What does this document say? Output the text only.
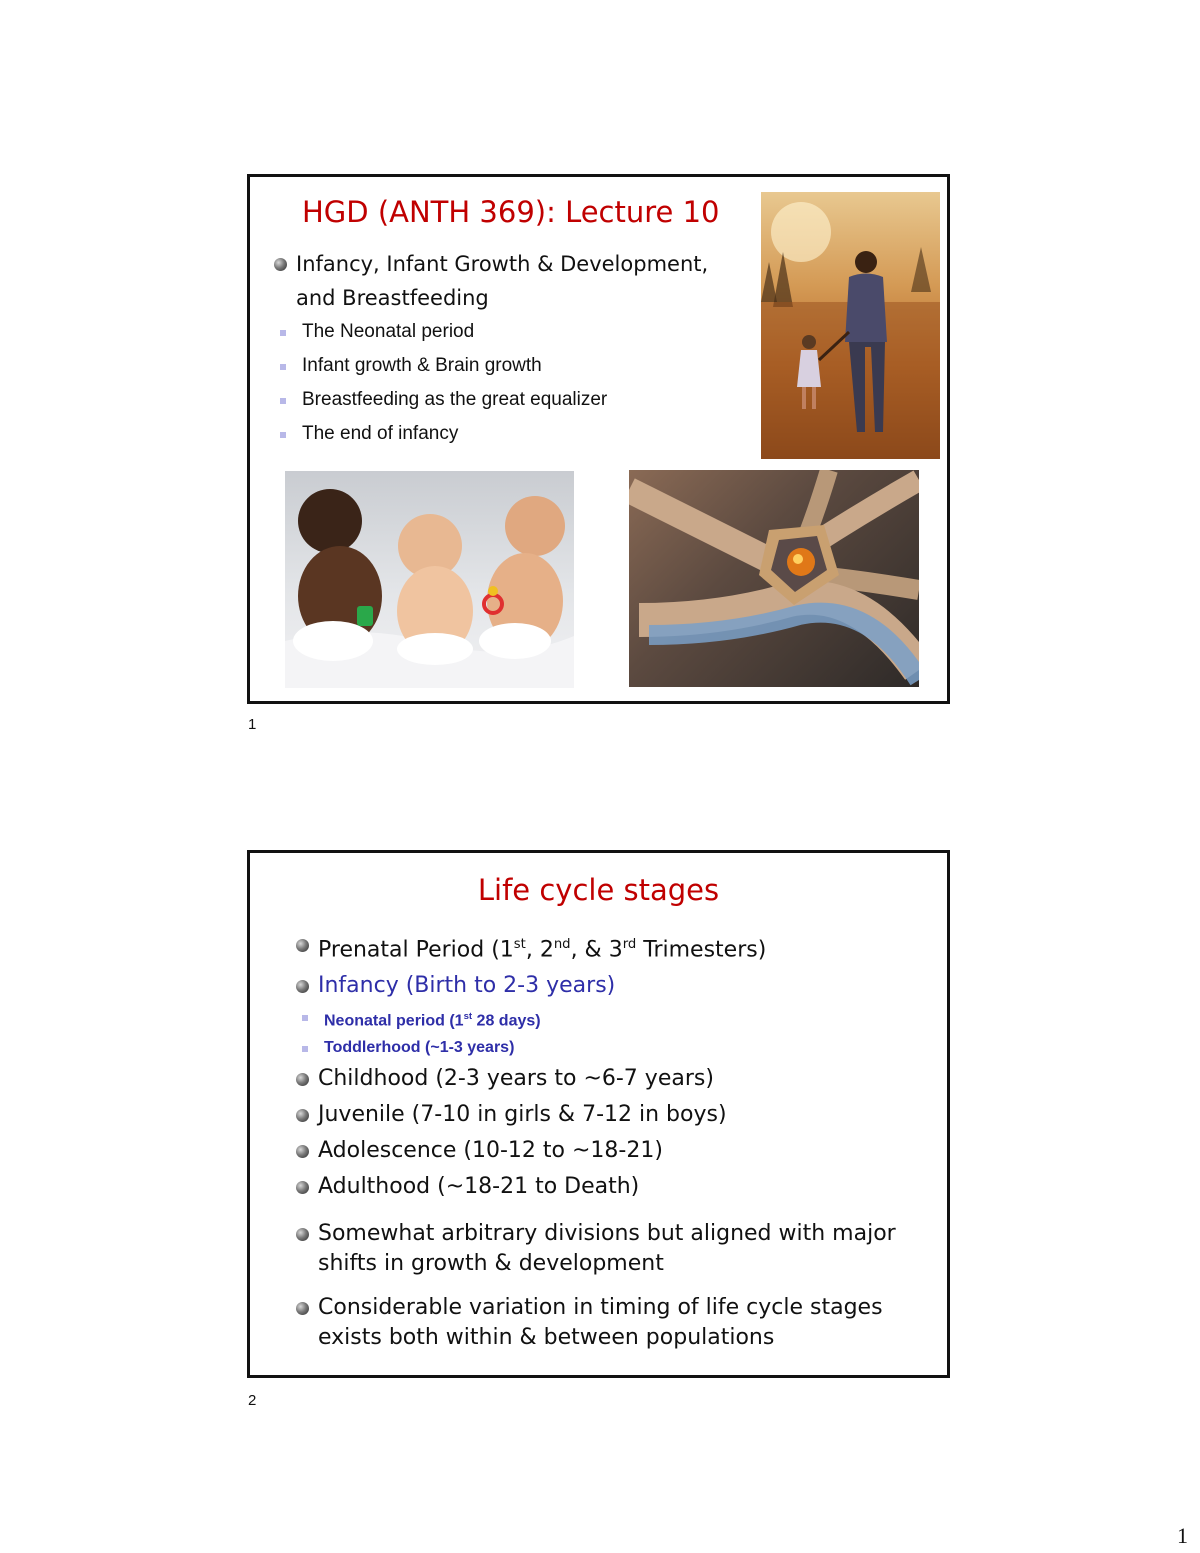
HGD (ANTH 369): Lecture 10
Infancy, Infant Growth & Development,
and Breastfeeding
The Neonatal period
Infant growth & Brain growth
Breastfeeding as the great equalizer
The end of infancy
1
Life cycle stages
Prenatal Period (1st, 2nd, & 3rd Trimesters)
Infancy (Birth to 2-3 years)
Neonatal period (1st 28 days)
Toddlerhood (~1-3 years)
Childhood (2-3 years to ~6-7 years)
Juvenile (7-10 in girls & 7-12 in boys)
Adolescence (10-12 to ~18-21)
Adulthood (~18-21 to Death)
Somewhat arbitrary divisions but aligned with major
shifts in growth & development
Considerable variation in timing of life cycle stages
exists both within & between populations
2
1
